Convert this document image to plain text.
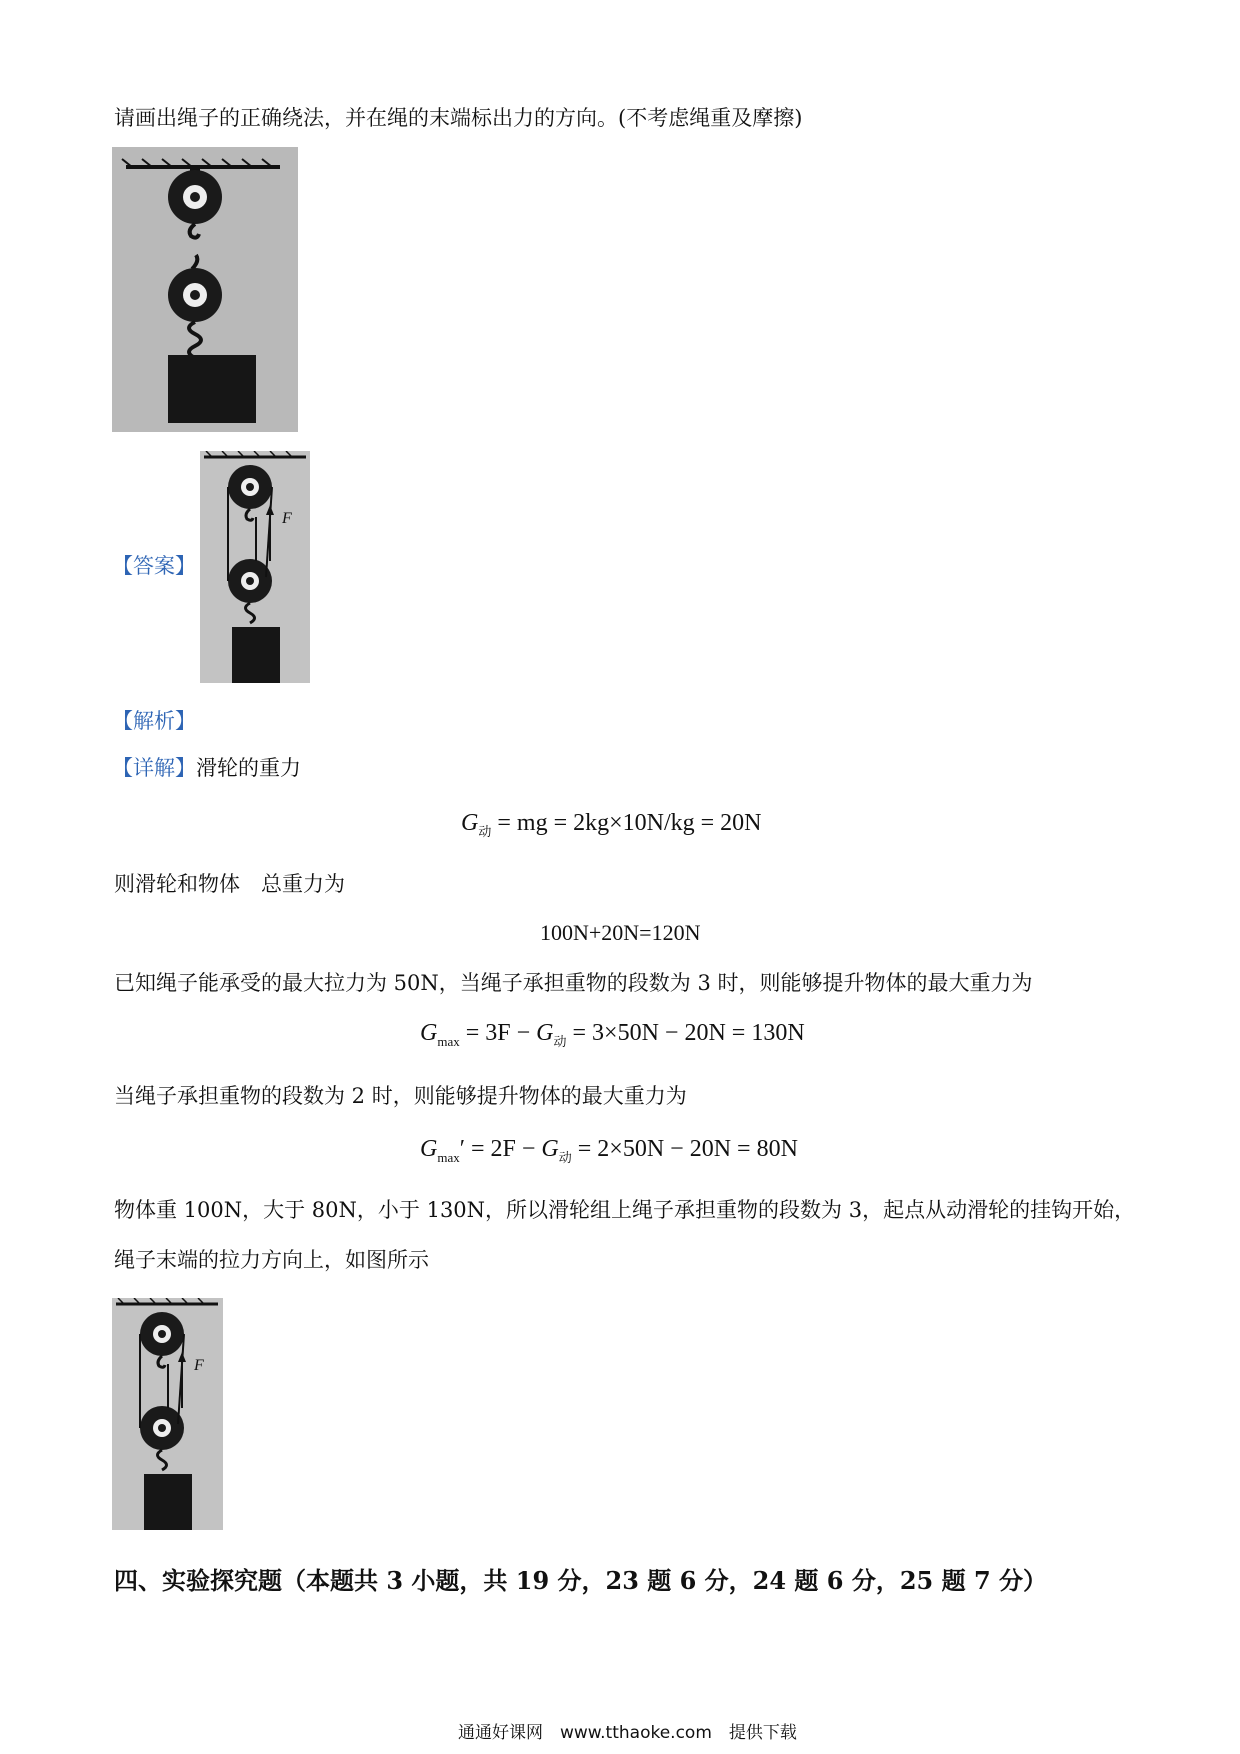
请画出绳子的正确绕法，并在绳的末端标出力的方向。(不考虑绳重及摩擦)
【答案】
F
【解析】
【详解】滑轮的重力
$G_动$ = mg = 2kg×10N/kg = 20N
则滑轮和物体　总重力为
100N+20N=120N
已知绳子能承受的最大拉力为 50N，当绳子承担重物的段数为 3 时，则能够提升物体的最大重力为
$G_{max} = 3F - G_动 = 3\times 50N - 20N = 130N$
当绳子承担重物的段数为 2 时，则能够提升物体的最大重力为
$G_{max}' = 2F - G_动 = 2\times 50N - 20N = 80N$
物体重 100N，大于 80N，小于 130N，所以滑轮组上绳子承担重物的段数为 3，起点从动滑轮的挂钩开始，
绳子末端的拉力方向上，如图所示
F
四、实验探究题（本题共 3 小题，共 19 分，23 题 6 分，24 题 6 分，25 题 7 分）
通通好课网　www.tthaoke.com　提供下载
